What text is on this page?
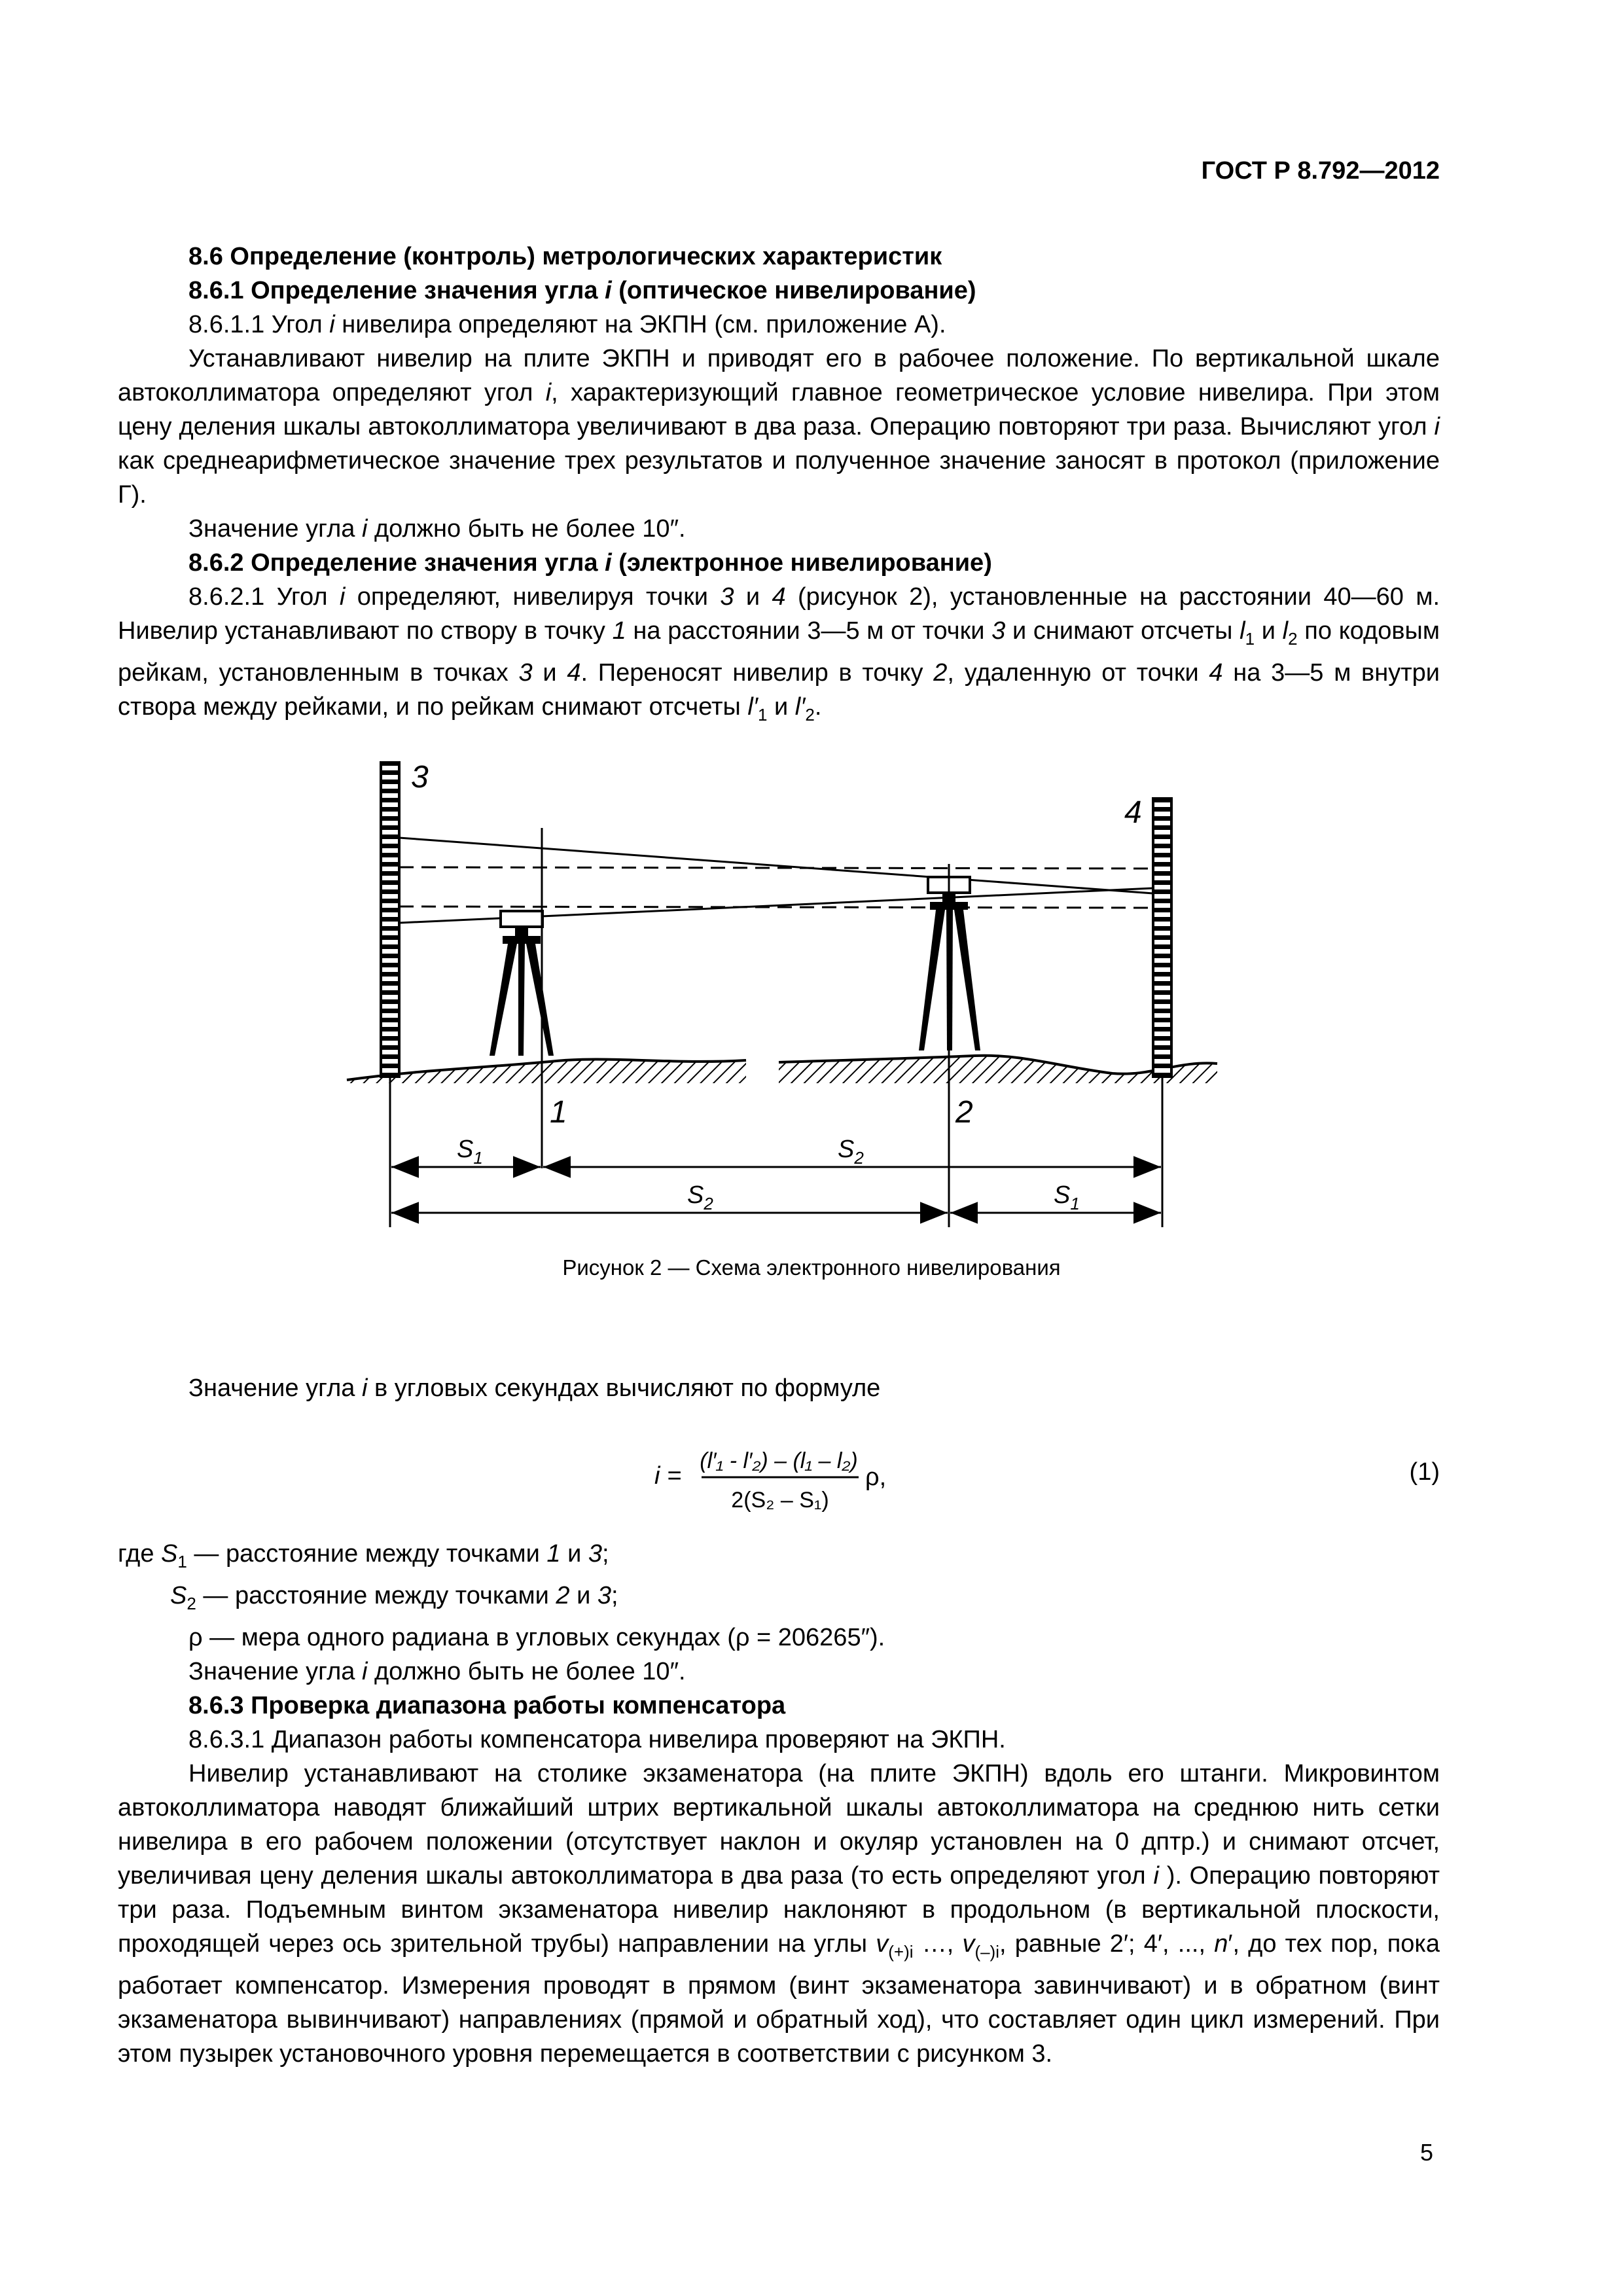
ГОСТ Р 8.792—2012

8.6 Определение (контроль) метрологических характеристик

8.6.1 Определение значения угла i (оптическое нивелирование)

8.6.1.1 Угол i нивелира определяют на ЭКПН (см. приложение А).

Устанавливают нивелир на плите ЭКПН и приводят его в рабочее положение. По вертикальной шкале автоколлиматора определяют угол i, характеризующий главное геометрическое условие нивелира. При этом цену деления шкалы автоколлиматора увеличивают в два раза. Операцию повторяют три раза. Вычисляют угол i как среднеарифметическое значение трех результатов и полученное значение заносят в протокол (приложение Г).

Значение угла i должно быть не более 10″.

8.6.2 Определение значения угла i (электронное нивелирование)

8.6.2.1 Угол i определяют, нивелируя точки 3 и 4 (рисунок 2), установленные на расстоянии 40—60 м. Нивелир устанавливают по створу в точку 1 на расстоянии 3—5 м от точки 3 и снимают отсчеты $l_1$ и $l_2$ по кодовым рейкам, установленным в точках 3 и 4. Переносят нивелир в точку 2, удаленную от точки 4 на 3—5 м внутри створа между рейками, и по рейкам снимают отсчеты $l'_1$ и $l'_2$.

3
4
1	2
$S_1$	$S_2$
$S_2$	$S_1$
Рисунок 2 — Схема электронного нивелирования
Значение угла i в угловых секундах вычисляют по формуле
i =
(l′₁ - l′₂) – (l₁ – l₂)
2(S₂ – S₁)
ρ,	(1)

где $S_1$ — расстояние между точками 1 и 3;

$S_2$ — расстояние между точками 2 и 3;

ρ — мера одного радиана в угловых секундах (ρ = 206265″).

Значение угла i должно быть не более 10″.

8.6.3 Проверка диапазона работы компенсатора

8.6.3.1 Диапазон работы компенсатора нивелира проверяют на ЭКПН.

Нивелир устанавливают на столике экзаменатора (на плите ЭКПН) вдоль его штанги. Микровинтом автоколлиматора наводят ближайший штрих вертикальной шкалы автоколлиматора на среднюю нить сетки нивелира в его рабочем положении (отсутствует наклон и окуляр установлен на 0 дптр.) и снимают отсчет, увеличивая цену деления шкалы автоколлиматора в два раза (то есть определяют угол i ). Операцию повторяют три раза. Подъемным винтом экзаменатора нивелир наклоняют в продольном (в вертикальной плоскости, проходящей через ось зрительной трубы) направлении на углы $v_{(+)i}$ …, $v_{(-)i}$, равные 2′; 4′, ..., n′, до тех пор, пока работает компенсатор. Измерения проводят в прямом (винт экзаменатора завинчивают) и в обратном (винт экзаменатора вывинчивают) направлениях (прямой и обратный ход), что составляет один цикл измерений. При этом пузырек установочного уровня перемещается в соответствии с рисунком 3.

5
